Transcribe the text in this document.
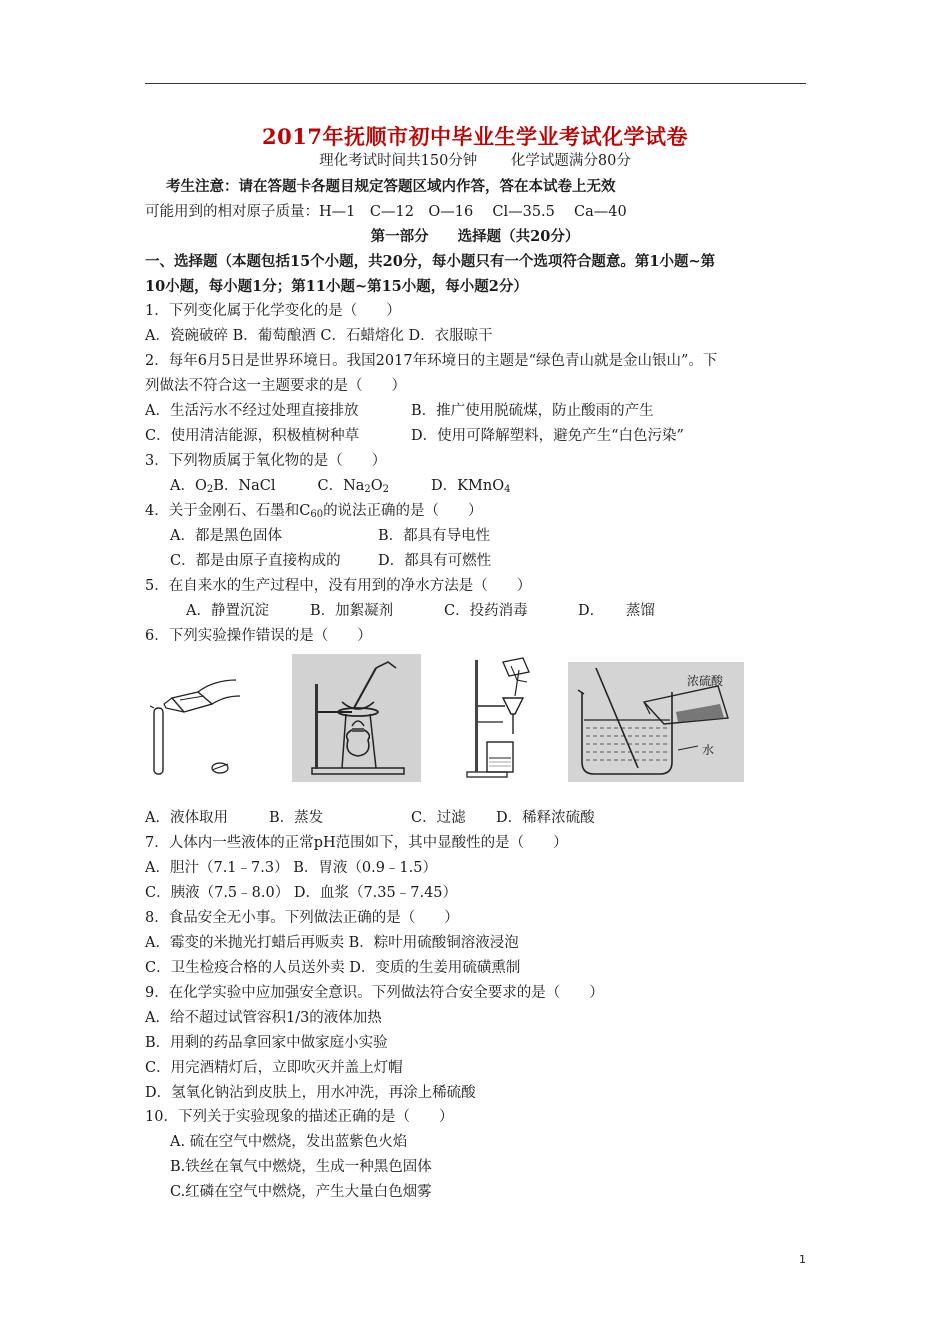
2017年抚顺市初中毕业生学业考试化学试卷
理化考试时间共150分钟　　 化学试题满分80分
考生注意：请在答题卡各题目规定答题区域内作答，答在本试卷上无效
可能用到的相对原子质量：H—1　C—12　O—16　 Cl—35.5　 Ca—40
第一部分　　选择题（共20分）
一、选择题（本题包括15个小题，共20分，每小题只有一个选项符合题意。第1小题~第
10小题，每小题1分；第11小题~第15小题，每小题2分）
1．下列变化属于化学变化的是（　　）
A．瓷碗破碎 B．葡萄酿酒 C．石蜡熔化 D．衣服晾干
2．每年6月5日是世界环境日。我国2017年环境日的主题是“绿色青山就是金山银山”。下
列做法不符合这一主题要求的是（　　）
A．生活污水不经过处理直接排放	B．推广使用脱硫煤，防止酸雨的产生
C．使用清洁能源，积极植树种草	D．使用可降解塑料，避免产生“白色污染”
3．下列物质属于氧化物的是（　　）
A．$O_2B$．NaCl	C．$Na_2O_2$	D．KMnO$_4$
4．关于金刚石、石墨和$C_{60}$的说法正确的是（　　）
A．都是黑色固体	B．都具有导电性
C．都是由原子直接构成的	D．都具有可燃性
5．在自来水的生产过程中，没有用到的净水方法是（　　）
A．静置沉淀	B．加絮凝剂	C．投药消毒	D．　　蒸馏
6．下列实验操作错误的是（　　）
浓硫酸
水
A．液体取用	B．蒸发	C．过滤 D．稀释浓硫酸
7．人体内一些液体的正常pH范围如下，其中显酸性的是（　　）
A．胆汁（7.1﹣7.3） B．胃液（0.9﹣1.5）
C．胰液（7.5﹣8.0） D．血浆（7.35﹣7.45）
8．食品安全无小事。下列做法正确的是（　　）
A．霉变的米抛光打蜡后再贩卖 B．粽叶用硫酸铜溶液浸泡
C．卫生检疫合格的人员送外卖 D．变质的生姜用硫磺熏制
9．在化学实验中应加强安全意识。下列做法符合安全要求的是（　　）
A．给不超过试管容积1/3的液体加热
B．用剩的药品拿回家中做家庭小实验
C．用完酒精灯后，立即吹灭并盖上灯帽
D．氢氧化钠沾到皮肤上，用水冲洗，再涂上稀硫酸
10．下列关于实验现象的描述正确的是（　　）
A. 硫在空气中燃烧，发出蓝紫色火焰
B.铁丝在氧气中燃烧，生成一种黑色固体
C.红磷在空气中燃烧，产生大量白色烟雾
1
